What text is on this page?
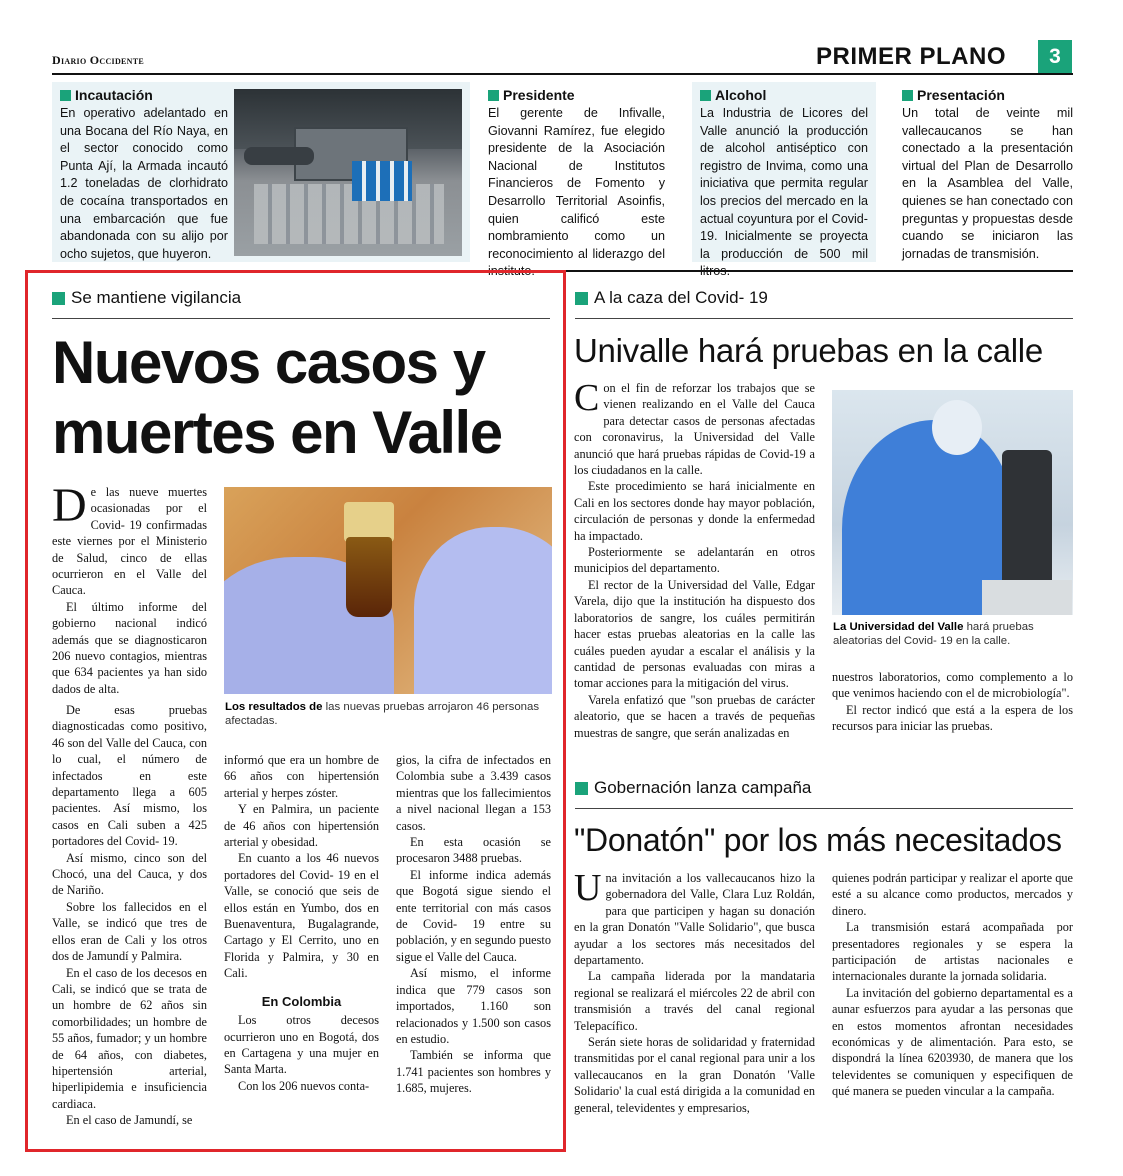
Diario Occidente	PRIMER PLANO	3
Incautación

En operativo adelantado en una Bocana del Río Naya, en el sector conocido como Punta Ají, la Armada incautó 1.2 toneladas de clorhidrato de cocaína transportados en una embarcación que fue abandonada con su alijo por ocho sujetos, que huyeron.

Presidente

El gerente de Infivalle, Giovanni Ramírez, fue elegido presidente de la Asociación Nacional de Institutos Financieros de Fomento y Desarrollo Territorial Asoinfis, quien calificó este nombramiento como un reconocimiento al liderazgo del

Alcohol

La Industria de Licores del Valle anunció la producción de alcohol antiséptico con registro de Invima, como una iniciativa que permita regular los precios del mercado en la actual coyuntura por el Covid-19. Inicialmente se proyecta la producción de 500 mil

Presentación

Un total de veinte mil vallecaucanos se han conectado a la presentación virtual del Plan de Desarrollo en la Asamblea del Valle, quienes se han conectado con preguntas y propuestas desde cuando se iniciaron las jornadas de transmisión.

Se mantiene vigilancia
Nuevos casos y muertes en Valle

De las nueve muertes ocasionadas por el Covid- 19 confirmadas este viernes por el Ministerio de Salud, cinco de ellas ocurrieron en el Valle del Cauca.

El último informe del gobierno nacional indicó además que se diagnosticaron 206 nuevo contagios, mientras que 634 pacientes ya han sido dados de alta.

Los resultados de las nuevas pruebas arrojaron 46 personas afectadas.

De esas pruebas diagnosticadas como positivo, 46 son del Valle del Cauca, con lo cual, el número de infectados en este departamento llega a 605 pacientes. Así mismo, los casos en Cali suben a 425 portadores del Covid- 19.

Así mismo, cinco son del Chocó, una del Cauca, y dos de Nariño.

Sobre los fallecidos en el Valle, se indicó que tres de ellos eran de Cali y los otros dos de Jamundí y Palmira.

En el caso de los decesos en Cali, se indicó que se trata de un hombre de 62 años sin comorbilidades; un hombre de 55 años, fumador; y un hombre de 64 años, con diabetes, hipertensión arterial, hiperlipidemia e insuficiencia cardiaca.

En el caso de Jamundí, se

informó que era un hombre de 66 años con hipertensión arterial y herpes zóster.

Y en Palmira, un paciente de 46 años con hipertensión arterial y obesidad.

En cuanto a los 46 nuevos portadores del Covid- 19 en el Valle, se conoció que seis de ellos están en Yumbo, dos en Buenaventura, Bugalagrande, Cartago y El Cerrito, uno en Florida y Palmira, y 30 en Cali.

En Colombia

Los otros decesos ocurrieron uno en Bogotá, dos en Cartagena y una mujer en Santa Marta.

Con los 206 nuevos conta-

gios, la cifra de infectados en Colombia sube a 3.439 casos mientras que los fallecimientos a nivel nacional llegan a 153 casos.

En esta ocasión se procesaron 3488 pruebas.

El informe indica además que Bogotá sigue siendo el ente territorial con más casos de Covid- 19 entre su población, y en segundo puesto sigue el Valle del Cauca.

Así mismo, el informe indica que 779 casos son importados, 1.160 son relacionados y 1.500 son casos en estudio.

También se informa que 1.741 pacientes son hombres y 1.685, mujeres.

A la caza del Covid- 19
Univalle hará pruebas en la calle

Con el fin de reforzar los trabajos que se vienen realizando en el Valle del Cauca para detectar casos de personas afectadas con coronavirus, la Universidad del Valle anunció que hará pruebas rápidas de Covid-19 a los ciudadanos en la calle.

Este procedimiento se hará inicialmente en Cali en los sectores donde hay mayor población, circulación de personas y donde la enfermedad ha impactado.

Posteriormente se adelantarán en otros municipios del departamento.

El rector de la Universidad del Valle, Edgar Varela, dijo que la institución ha dispuesto dos laboratorios de sangre, los cuáles permitirán hacer estas pruebas aleatorias en la calle las cuáles pueden ayudar a escalar el análisis y la cantidad de personas evaluadas con miras a tomar acciones para la mitigación del virus.

Varela enfatizó que "son pruebas de carácter aleatorio, que se hacen a través de pequeñas muestras de sangre, que serán analizadas en

La Universidad del Valle hará pruebas aleatorias del Covid- 19 en la calle.

nuestros laboratorios, como complemento a lo que venimos haciendo con el de microbiología".

El rector indicó que está a la espera de los recursos para iniciar las pruebas.

Gobernación lanza campaña
"Donatón" por los más necesitados

Una invitación a los vallecaucanos hizo la gobernadora del Valle, Clara Luz Roldán, para que participen y hagan su donación en la gran Donatón "Valle Solidario", que busca ayudar a los sectores más necesitados del departamento.

La campaña liderada por la mandataria regional se realizará el miércoles 22 de abril con transmisión a través del canal regional Telepacífico.

Serán siete horas de solidaridad y fraternidad transmitidas por el canal regional para unir a los vallecaucanos en la gran Donatón 'Valle Solidario' la cual está dirigida a la comunidad en general, televidentes y empresarios,

quienes podrán participar y realizar el aporte que esté a su alcance como productos, mercados y dinero.

La transmisión estará acompañada por presentadores regionales y se espera la participación de artistas nacionales e internacionales durante la jornada solidaria.

La invitación del gobierno departamental es a aunar esfuerzos para ayudar a las personas que en estos momentos afrontan necesidades económicas y de alimentación. Para esto, se dispondrá la línea 6203930, de manera que los televidentes se comuniquen y especifiquen de qué manera se pueden vincular a la campaña.
